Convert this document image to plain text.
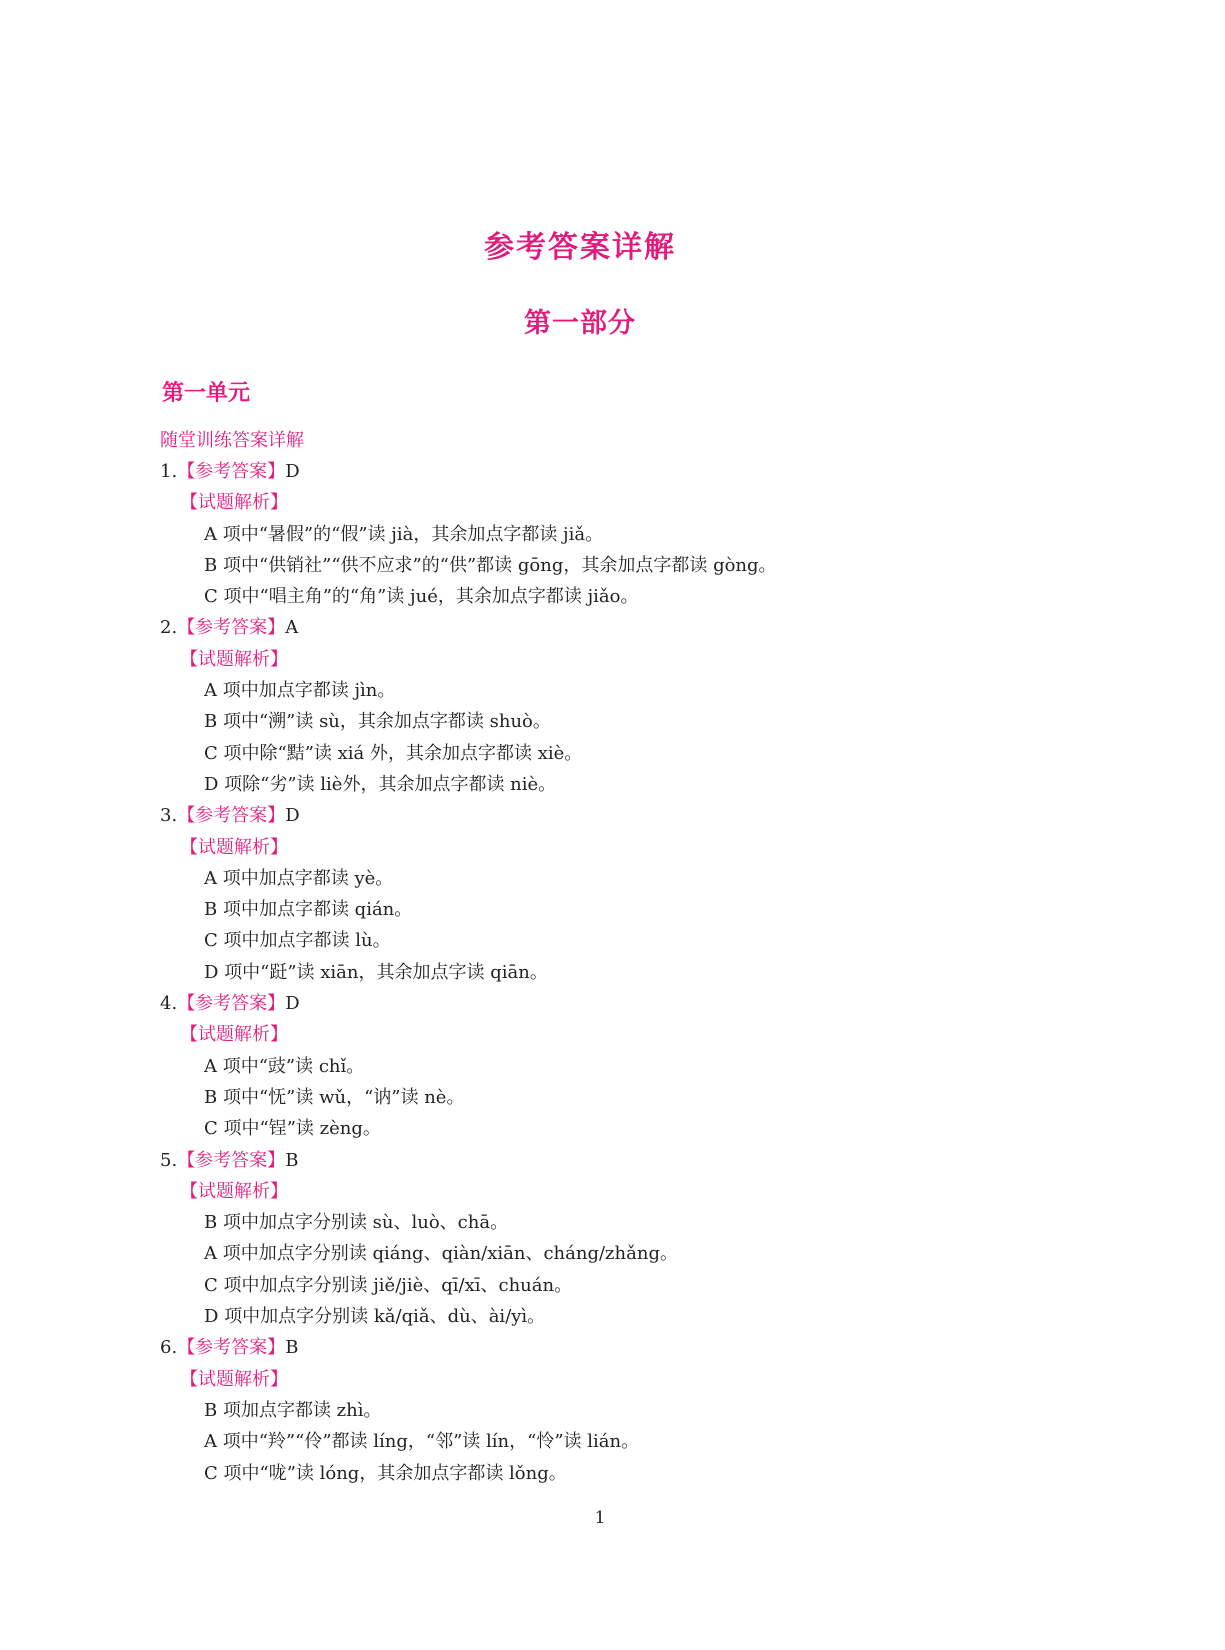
参考答案详解
第一部分
第一单元
随堂训练答案详解
1.【参考答案】D
【试题解析】
A 项中“暑假”的“假”读 jià，其余加点字都读 jiǎ。
B 项中“供销社”“供不应求”的“供”都读 gōng，其余加点字都读 gòng。
C 项中“唱主角”的“角”读 jué，其余加点字都读 jiǎo。
2.【参考答案】A
【试题解析】
A 项中加点字都读 jìn。
B 项中“溯”读 sù，其余加点字都读 shuò。
C 项中除“黠”读 xiá 外，其余加点字都读 xiè。
D 项除“劣”读 liè外，其余加点字都读 niè。
3.【参考答案】D
【试题解析】
A 项中加点字都读 yè。
B 项中加点字都读 qián。
C 项中加点字都读 lù。
D 项中“跹”读 xiān，其余加点字读 qiān。
4.【参考答案】D
【试题解析】
A 项中“豉”读 chǐ。
B 项中“怃”读 wǔ，“讷”读 nè。
C 项中“锃”读 zèng。
5.【参考答案】B
【试题解析】
B 项中加点字分别读 sù、luò、chā。
A 项中加点字分别读 qiáng、qiàn/xiān、cháng/zhǎng。
C 项中加点字分别读 jiě/jiè、qī/xī、chuán。
D 项中加点字分别读 kǎ/qiǎ、dù、ài/yì。
6.【参考答案】B
【试题解析】
B 项加点字都读 zhì。
A 项中“羚”“伶”都读 líng，“邻”读 lín，“怜”读 lián。
C 项中“咙”读 lóng，其余加点字都读 lǒng。
1
